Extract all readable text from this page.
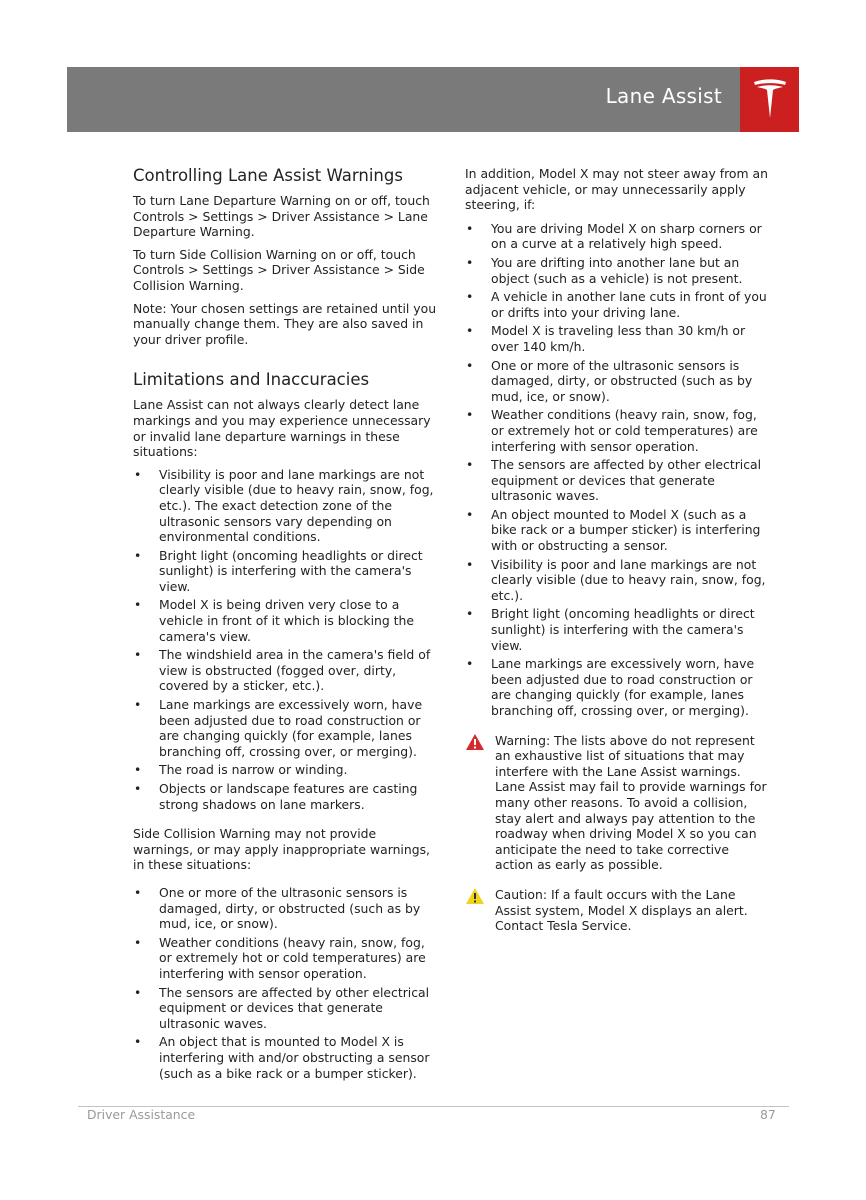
Lane Assist
Controlling Lane Assist Warnings

To turn Lane Departure Warning on or off, touch Controls > Settings > Driver Assistance > Lane Departure Warning.

To turn Side Collision Warning on or off, touch Controls > Settings > Driver Assistance > Side Collision Warning.

Note: Your chosen settings are retained until you manually change them. They are also saved in your driver profile.

Limitations and Inaccuracies

Lane Assist can not always clearly detect lane markings and you may experience unnecessary or invalid lane departure warnings in these situations:

• Visibility is poor and lane markings are not clearly visible (due to heavy rain, snow, fog, etc.). The exact detection zone of the ultrasonic sensors vary depending on environmental conditions.
• Bright light (oncoming headlights or direct sunlight) is interfering with the camera's view.
• Model X is being driven very close to a vehicle in front of it which is blocking the camera's view.
• The windshield area in the camera's field of view is obstructed (fogged over, dirty, covered by a sticker, etc.).
• Lane markings are excessively worn, have been adjusted due to road construction or are changing quickly (for example, lanes branching off, crossing over, or merging).
• The road is narrow or winding.
• Objects or landscape features are casting strong shadows on lane markers.

Side Collision Warning may not provide warnings, or may apply inappropriate warnings, in these situations:

• One or more of the ultrasonic sensors is damaged, dirty, or obstructed (such as by mud, ice, or snow).
• Weather conditions (heavy rain, snow, fog, or extremely hot or cold temperatures) are interfering with sensor operation.
• The sensors are affected by other electrical equipment or devices that generate ultrasonic waves.
• An object that is mounted to Model X is interfering with and/or obstructing a sensor (such as a bike rack or a bumper sticker).

In addition, Model X may not steer away from an adjacent vehicle, or may unnecessarily apply steering, if:

• You are driving Model X on sharp corners or on a curve at a relatively high speed.
• You are drifting into another lane but an object (such as a vehicle) is not present.
• A vehicle in another lane cuts in front of you or drifts into your driving lane.
• Model X is traveling less than 30 km/h or over 140 km/h.
• One or more of the ultrasonic sensors is damaged, dirty, or obstructed (such as by mud, ice, or snow).
• Weather conditions (heavy rain, snow, fog, or extremely hot or cold temperatures) are interfering with sensor operation.
• The sensors are affected by other electrical equipment or devices that generate ultrasonic waves.
• An object mounted to Model X (such as a bike rack or a bumper sticker) is interfering with or obstructing a sensor.
• Visibility is poor and lane markings are not clearly visible (due to heavy rain, snow, fog, etc.).
• Bright light (oncoming headlights or direct sunlight) is interfering with the camera's view.
• Lane markings are excessively worn, have been adjusted due to road construction or are changing quickly (for example, lanes branching off, crossing over, or merging).
Warning: The lists above do not represent an exhaustive list of situations that may interfere with the Lane Assist warnings. Lane Assist may fail to provide warnings for many other reasons. To avoid a collision, stay alert and always pay attention to the roadway when driving Model X so you can anticipate the need to take corrective action as early as possible.
Caution: If a fault occurs with the Lane Assist system, Model X displays an alert. Contact Tesla Service.
Driver Assistance	87
